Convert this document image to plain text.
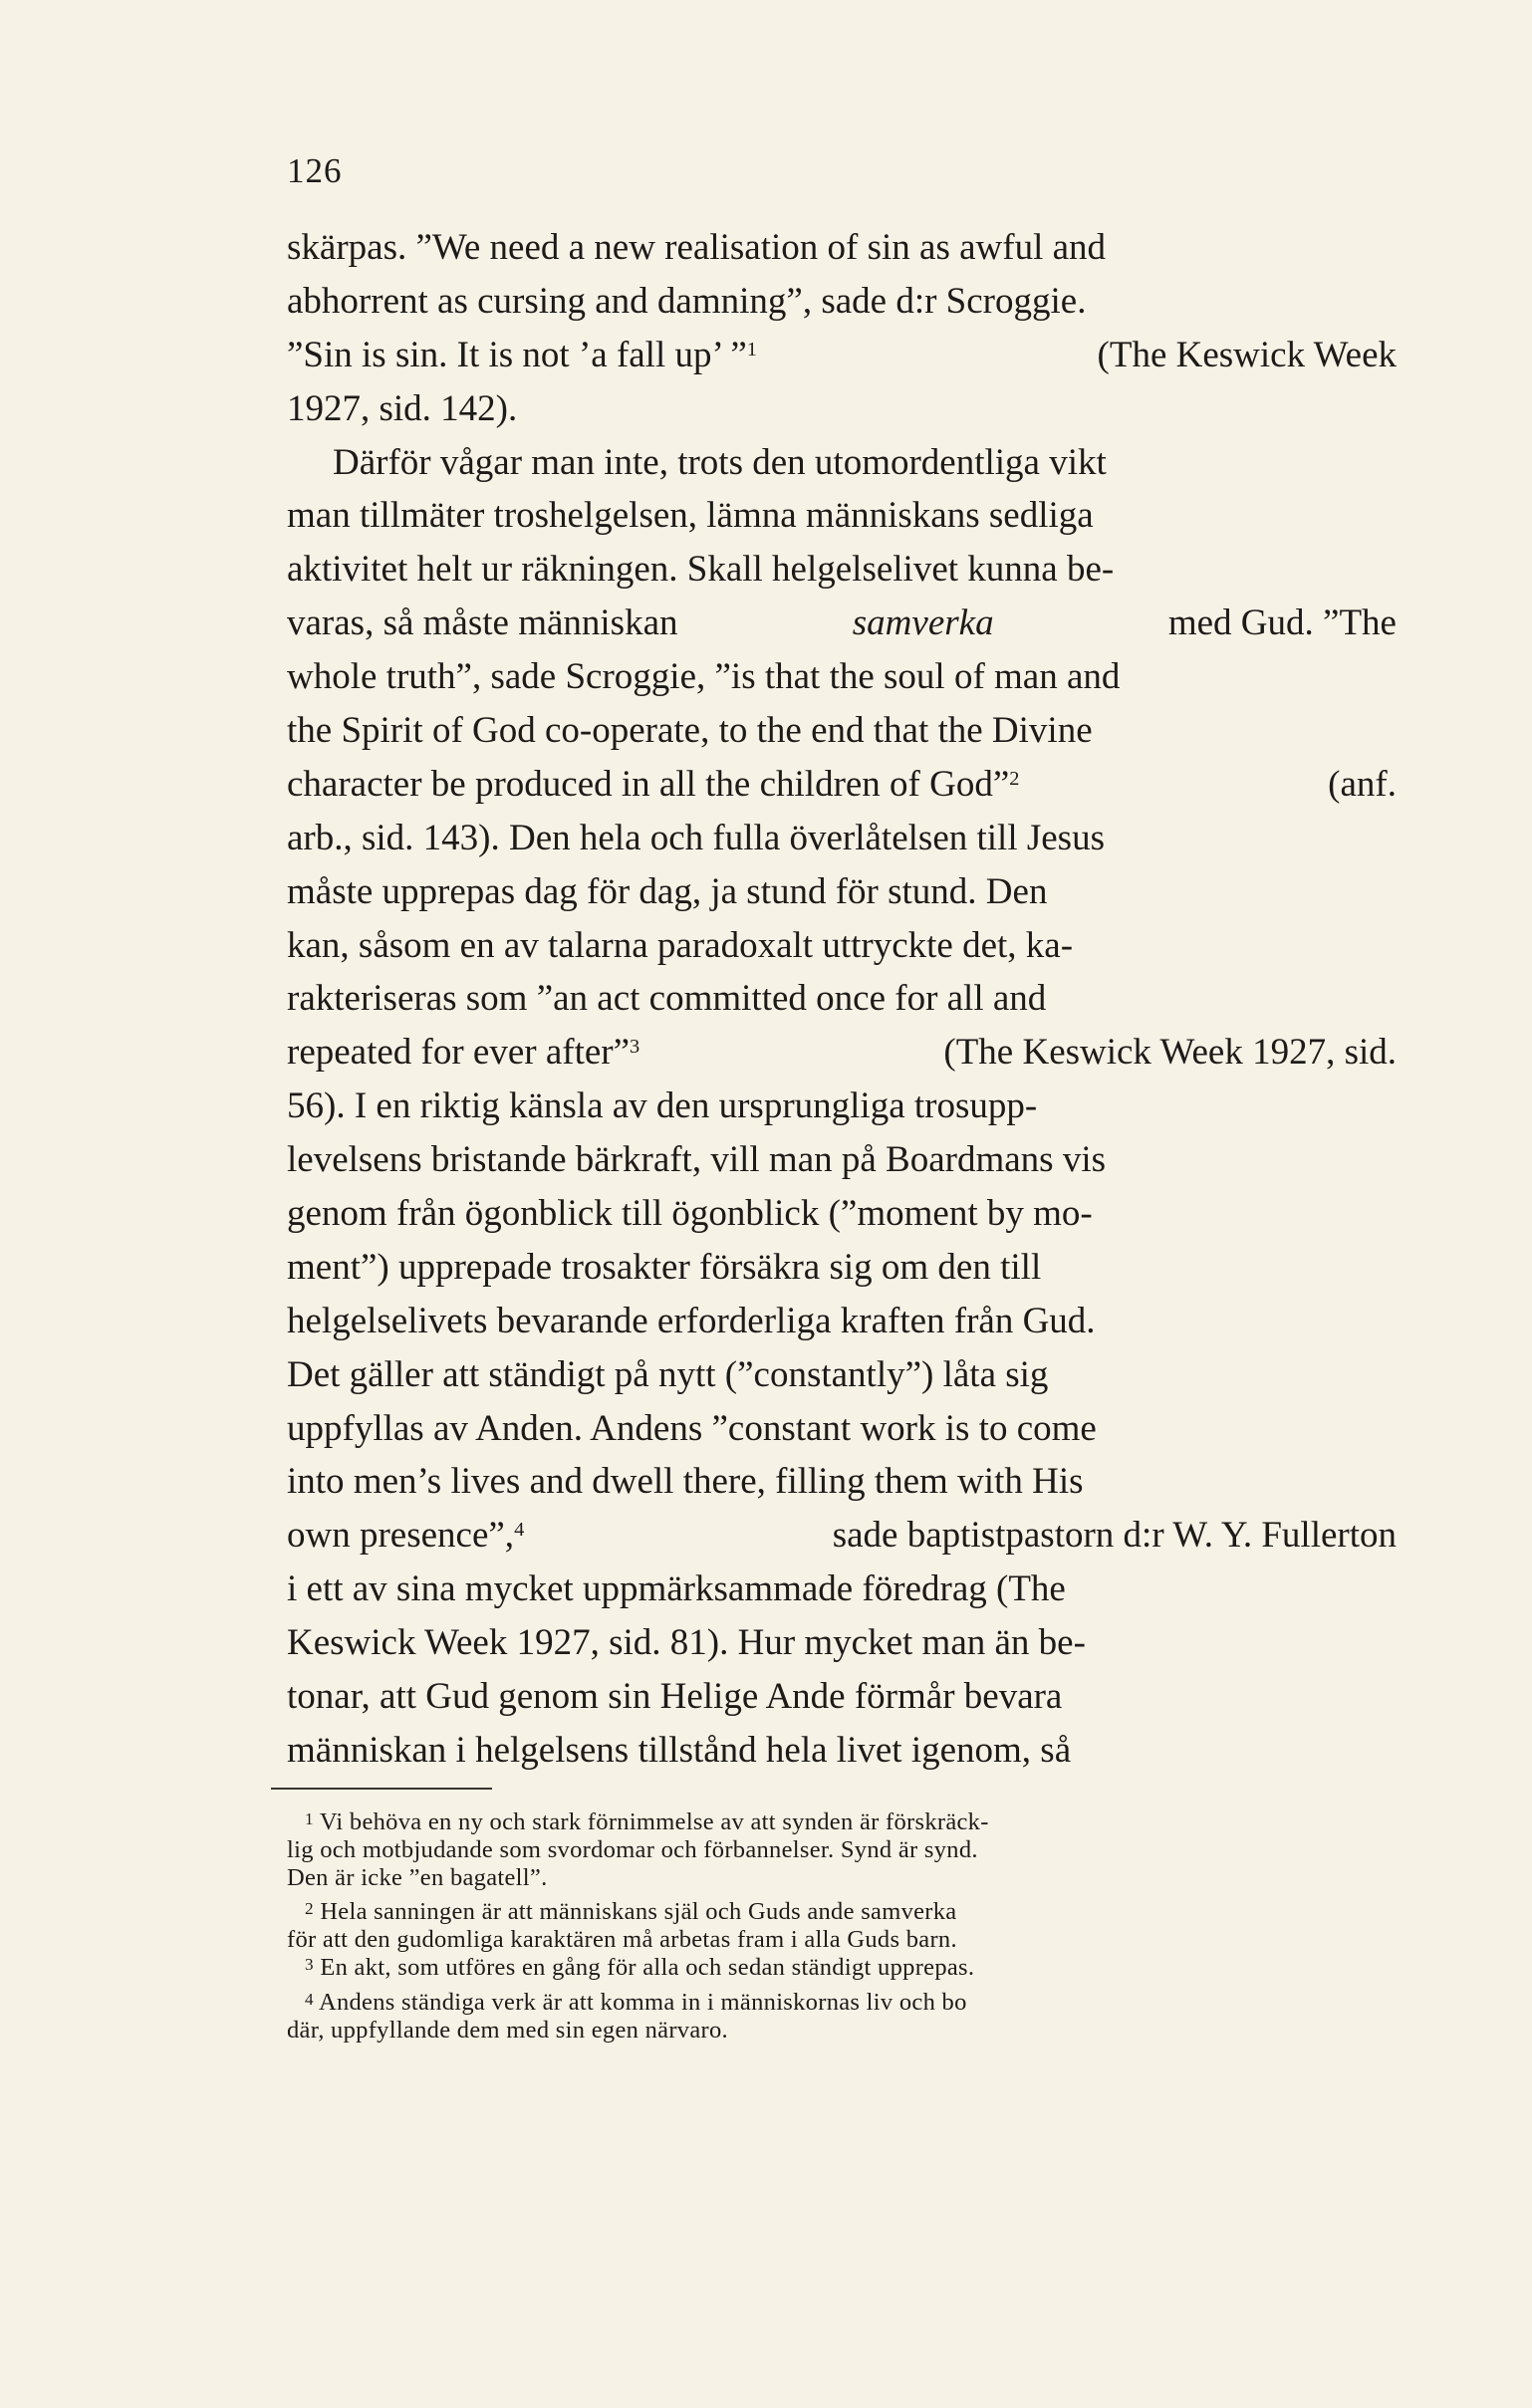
126
skärpas. ”We need a new realisation of sin as awful and
abhorrent as cursing and damning”, sade d:r Scroggie.
”Sin is sin. It is not ’a fall up’ ”$^1$	(The Keswick Week
1927, sid. 142).
Därför vågar man inte, trots den utomordentliga vikt
man tillmäter troshelgelsen, lämna människans sedliga
aktivitet helt ur räkningen. Skall helgelselivet kunna be-
varas, så måste människan	samverka	med Gud. ”The
whole truth”, sade Scroggie, ”is that the soul of man and
the Spirit of God co-operate, to the end that the Divine
character be produced in all the children of God”$^2$	(anf.
arb., sid. 143). Den hela och fulla överlåtelsen till Jesus
måste upprepas dag för dag, ja stund för stund. Den
kan, såsom en av talarna paradoxalt uttryckte det, ka-
rakteriseras som ”an act committed once for all and
repeated for ever after”$^3$	(The Keswick Week 1927, sid.
56). I en riktig känsla av den ursprungliga trosupp-
levelsens bristande bärkraft, vill man på Boardmans vis
genom från ögonblick till ögonblick (”moment by mo-
ment”) upprepade trosakter försäkra sig om den till
helgelselivets bevarande erforderliga kraften från Gud.
Det gäller att ständigt på nytt (”constantly”) låta sig
uppfyllas av Anden. Andens ”constant work is to come
into men’s lives and dwell there, filling them with His
own presence”,$^4$	sade baptistpastorn d:r W. Y. Fullerton
i ett av sina mycket uppmärksammade föredrag (The
Keswick Week 1927, sid. 81). Hur mycket man än be-
tonar, att Gud genom sin Helige Ande förmår bevara
människan i helgelsens tillstånd hela livet igenom, så
$^1$ Vi behöva en ny och stark förnimmelse av att synden är förskräck-
lig och motbjudande som svordomar och förbannelser. Synd är synd.
Den är icke ”en bagatell”.
$^2$ Hela sanningen är att människans själ och Guds ande samverka
för att den gudomliga karaktären må arbetas fram i alla Guds barn.
$^3$ En akt, som utföres en gång för alla och sedan ständigt upprepas.
$^4$ Andens ständiga verk är att komma in i människornas liv och bo
där, uppfyllande dem med sin egen närvaro.
